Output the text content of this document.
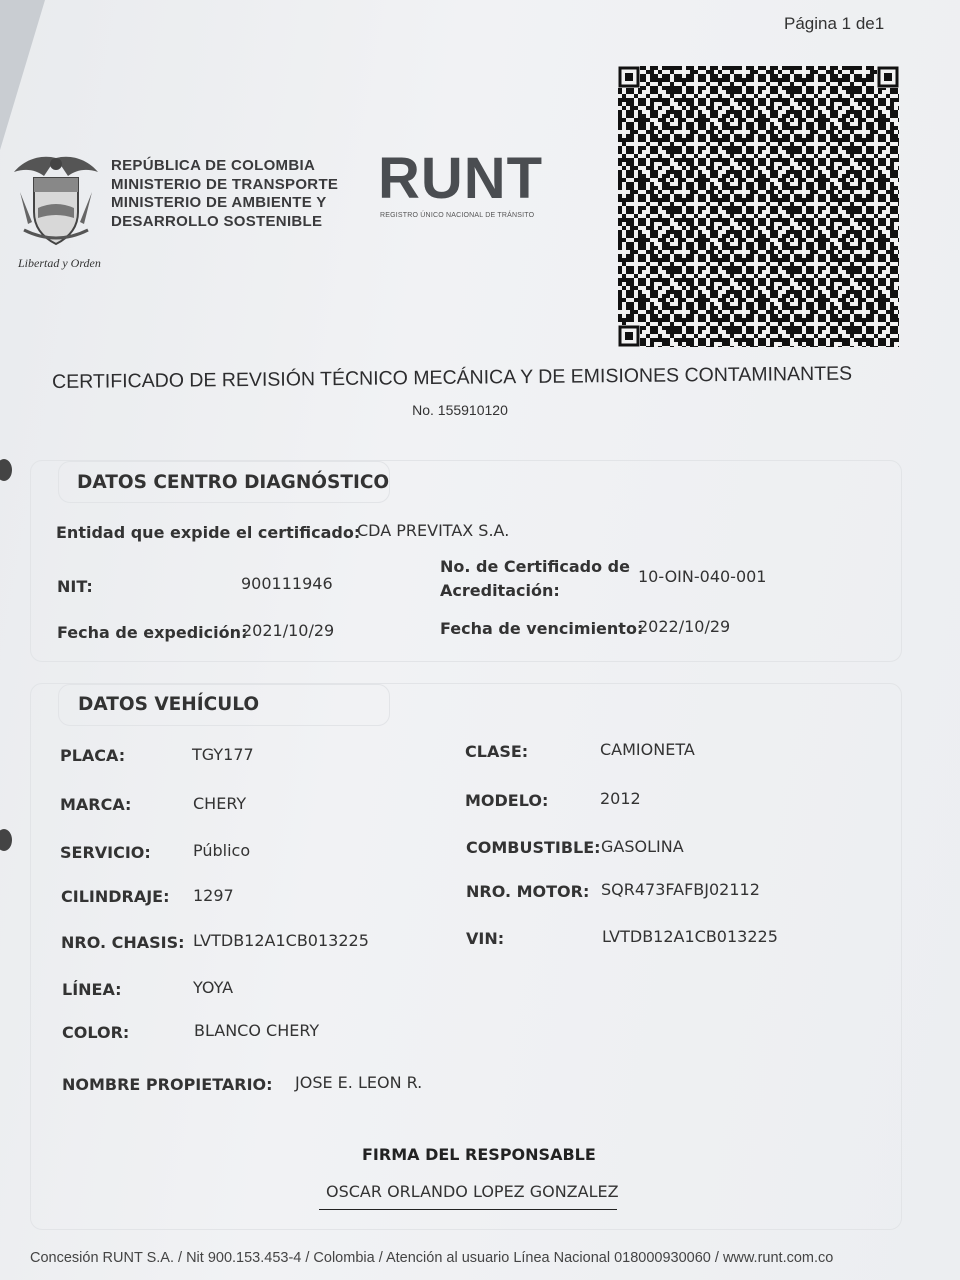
Página 1 de1
Libertad y Orden
REPÚBLICA DE COLOMBIA
MINISTERIO DE TRANSPORTE
MINISTERIO DE AMBIENTE Y
DESARROLLO SOSTENIBLE
RUNT
REGISTRO ÚNICO NACIONAL DE TRÁNSITO
CERTIFICADO DE REVISIÓN TÉCNICO MECÁNICA Y DE EMISIONES CONTAMINANTES
No. 155910120
DATOS CENTRO DIAGNÓSTICO
Entidad que expide el certificado:
CDA PREVITAX S.A.
NIT:	900111946
No. de Certificado de
Acreditación:
10-OIN-040-001
Fecha de expedición:
2021/10/29	Fecha de vencimiento:
2022/10/29
DATOS VEHÍCULO
PLACA:	TGY177	CLASE:	CAMIONETA
MARCA:	CHERY	MODELO:	2012
SERVICIO:	Público	COMBUSTIBLE: GASOLINA
CILINDRAJE: 1297	NRO. MOTOR: SQR473FAFBJ02112
NRO. CHASIS: LVTDB12A1CB013225	VIN:	LVTDB12A1CB013225
LÍNEA:	YOYA
COLOR:	BLANCO CHERY
NOMBRE PROPIETARIO: JOSE E. LEON R.
FIRMA DEL RESPONSABLE
OSCAR ORLANDO LOPEZ GONZALEZ
Concesión RUNT S.A. / Nit 900.153.453-4 / Colombia / Atención al usuario Línea Nacional 018000930060 / www.runt.com.co
